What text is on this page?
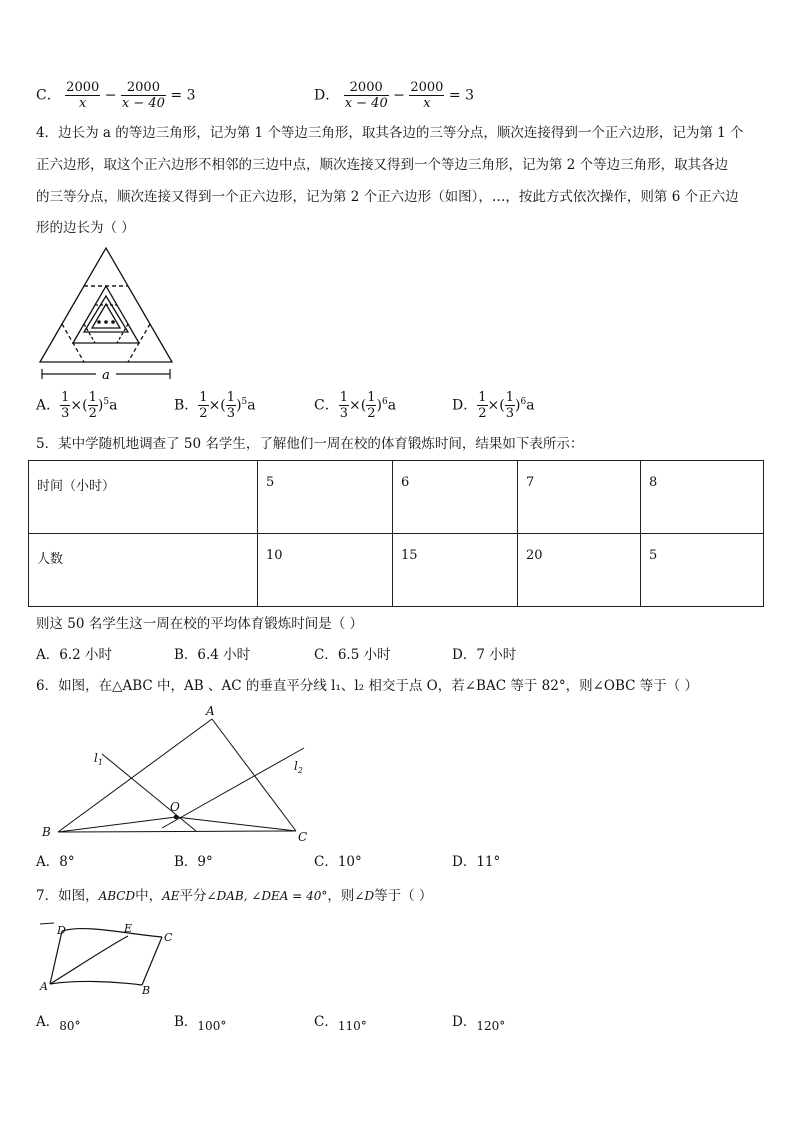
C． $\frac{2000}{x} - \frac{2000}{x - 40} = 3$	D． $\frac{2000}{x - 40} - \frac{2000}{x} = 3$
4．边长为 a 的等边三角形，记为第 1 个等边三角形，取其各边的三等分点，顺次连接得到一个正六边形，记为第 1 个
正六边形，取这个正六边形不相邻的三边中点，顺次连接又得到一个等边三角形，记为第 2 个等边三角形，取其各边
的三等分点，顺次连接又得到一个正六边形，记为第 2 个正六边形（如图），…，按此方式依次操作，则第 6 个正六边
形的边长为（ ）
a
A． $\frac{1}{3}$ ×( $\frac{1}{2} )^5a$	B． $\frac{1}{2}$ ×( $\frac{1}{3} )^5a$	C． $\frac{1}{3}$ ×( $\frac{1}{2} )^6a$	D． $\frac{1}{2}$ ×( $\frac{1}{3} )^6a$
5．某中学随机地调查了 50 名学生，了解他们一周在校的体育锻炼时间，结果如下表所示：
时间（小时）	5	6	7	8
人数	10	15	20	5
则这 50 名学生这一周在校的平均体育锻炼时间是（ ）
A．6.2 小时	B．6.4 小时	C．6.5 小时	D．7 小时
6．如图，在△ABC 中，AB 、AC 的垂直平分线 l₁、l₂ 相交于点 O，若∠BAC 等于 82°，则∠OBC 等于（ ）
A
B	C
O
$l_1$	$l_2$
A．8°	B．9°	C．10°	D．11°
7．如图，ABCD中，AE平分∠DAB, ∠DEA = 40°，则∠D等于（ ）
D	E
C
A	B
A．80°	B．100°	C．110°	D．120°
